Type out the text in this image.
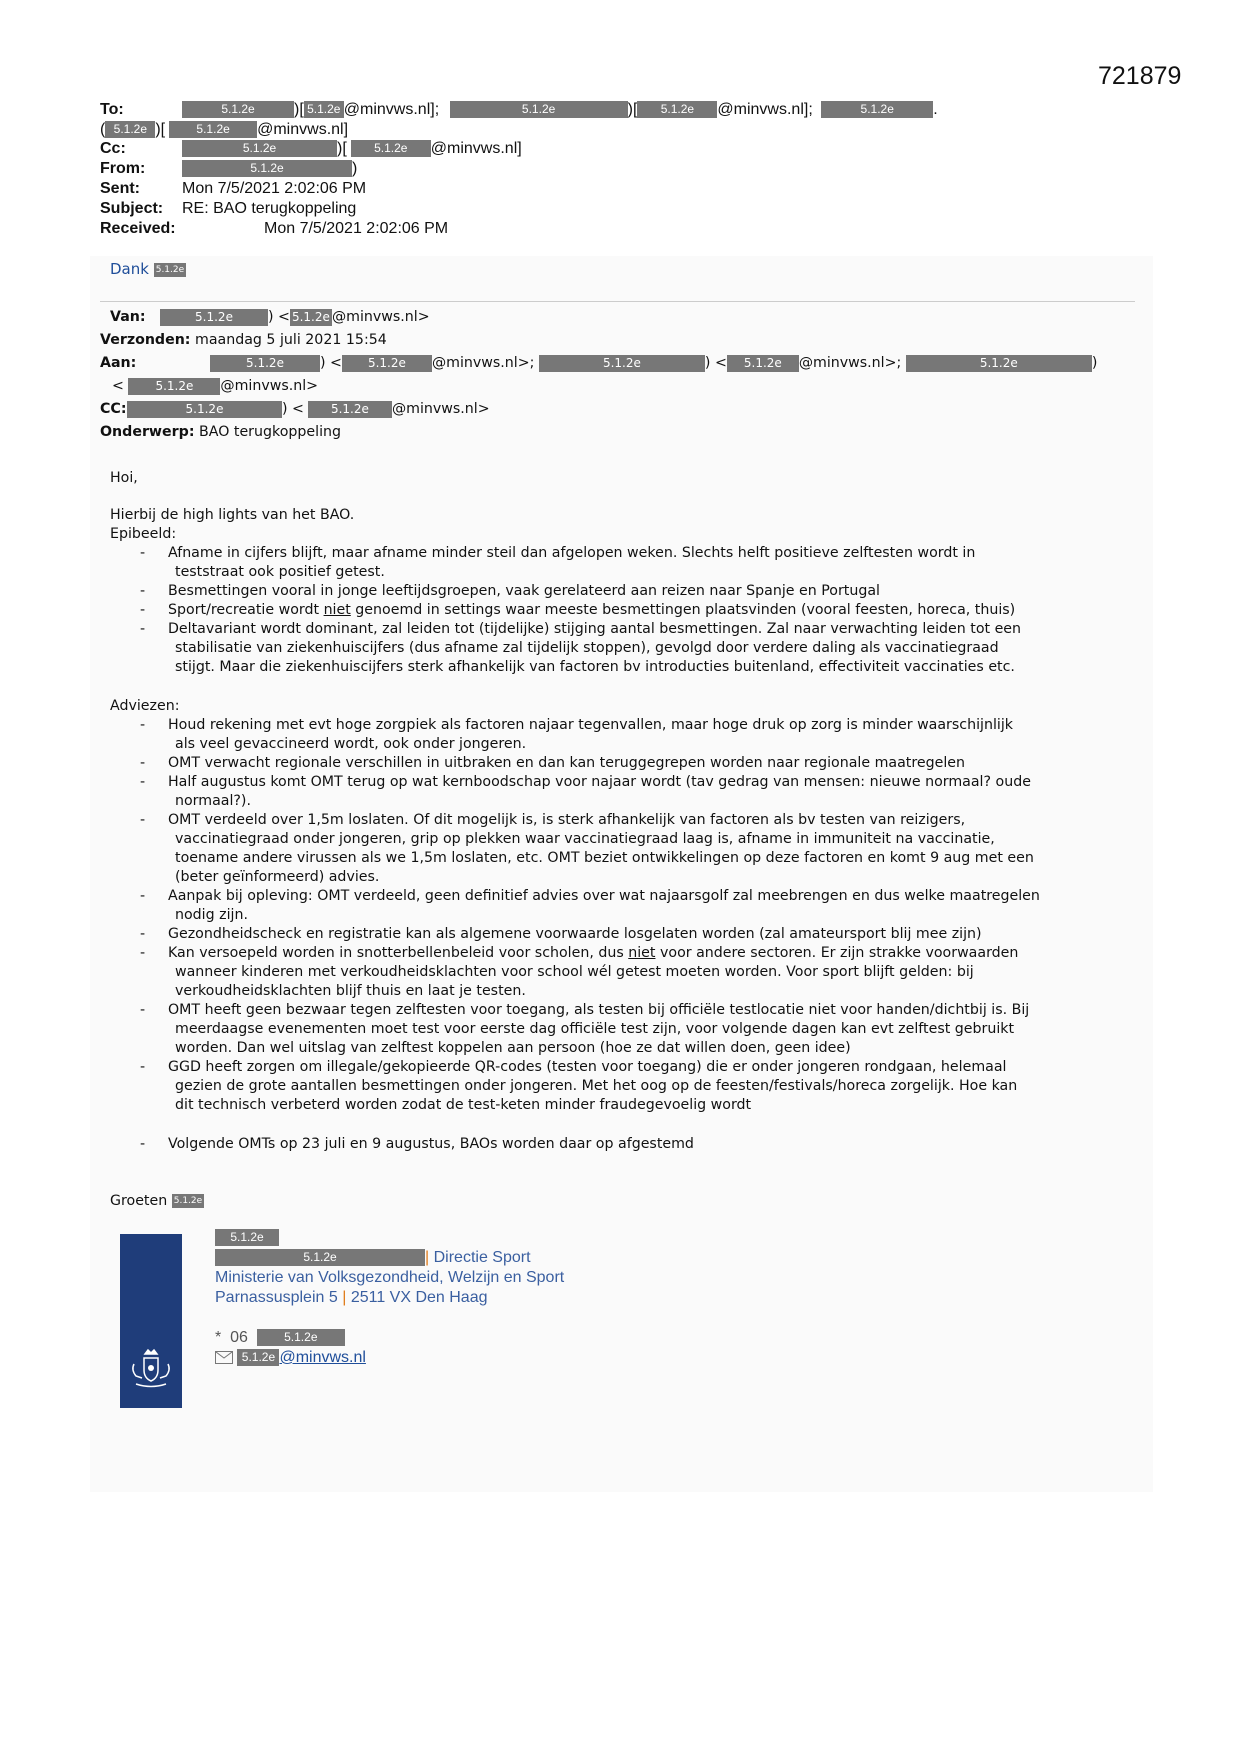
721879
To:	5.1.2e )[ 5.1.2e @minvws.nl];	5.1.2e	)[ 5.1.2e @minvws.nl];	5.1.2e .
( 5.1.2e )[	5.1.2e @minvws.nl]
Cc:	5.1.2e	)[ 5.1.2e @minvws.nl]
From:	5.1.2e	)
Sent:	Mon 7/5/2021 2:02:06 PM
Subject: RE: BAO terugkoppeling
Received:	Mon 7/5/2021 2:02:06 PM
Dank 5.1.2e
Van:	5.1.2e ) < 5.1.2e @minvws.nl>
Verzonden: maandag 5 juli 2021 15:54
Aan:	5.1.2e	) < 5.1.2e @minvws.nl>;	5.1.2e	) < 5.1.2e @minvws.nl>;	5.1.2e	)
< 5.1.2e @minvws.nl>
CC:	5.1.2e	) < 5.1.2e @minvws.nl>
Onderwerp: BAO terugkoppeling
Hoi,
Hierbij de high lights van het BAO.
Epibeeld:
- Afname in cijfers blijft, maar afname minder steil dan afgelopen weken. Slechts helft positieve zelftesten wordt in
teststraat ook positief getest.
- Besmettingen vooral in jonge leeftijdsgroepen, vaak gerelateerd aan reizen naar Spanje en Portugal
- Sport/recreatie wordt niet genoemd in settings waar meeste besmettingen plaatsvinden (vooral feesten, horeca, thuis)
- Deltavariant wordt dominant, zal leiden tot (tijdelijke) stijging aantal besmettingen. Zal naar verwachting leiden tot een
stabilisatie van ziekenhuiscijfers (dus afname zal tijdelijk stoppen), gevolgd door verdere daling als vaccinatiegraad
stijgt. Maar die ziekenhuiscijfers sterk afhankelijk van factoren bv introducties buitenland, effectiviteit vaccinaties etc.
Adviezen:
- Houd rekening met evt hoge zorgpiek als factoren najaar tegenvallen, maar hoge druk op zorg is minder waarschijnlijk
als veel gevaccineerd wordt, ook onder jongeren.
- OMT verwacht regionale verschillen in uitbraken en dan kan teruggegrepen worden naar regionale maatregelen
- Half augustus komt OMT terug op wat kernboodschap voor najaar wordt (tav gedrag van mensen: nieuwe normaal? oude
normaal?).
- OMT verdeeld over 1,5m loslaten. Of dit mogelijk is, is sterk afhankelijk van factoren als bv testen van reizigers,
vaccinatiegraad onder jongeren, grip op plekken waar vaccinatiegraad laag is, afname in immuniteit na vaccinatie,
toename andere virussen als we 1,5m loslaten, etc. OMT beziet ontwikkelingen op deze factoren en komt 9 aug met een
(beter geïnformeerd) advies.
- Aanpak bij opleving: OMT verdeeld, geen definitief advies over wat najaarsgolf zal meebrengen en dus welke maatregelen
nodig zijn.
- Gezondheidscheck en registratie kan als algemene voorwaarde losgelaten worden (zal amateursport blij mee zijn)
- Kan versoepeld worden in snotterbellenbeleid voor scholen, dus niet voor andere sectoren. Er zijn strakke voorwaarden
wanneer kinderen met verkoudheidsklachten voor school wél getest moeten worden. Voor sport blijft gelden: bij
verkoudheidsklachten blijf thuis en laat je testen.
- OMT heeft geen bezwaar tegen zelftesten voor toegang, als testen bij officiële testlocatie niet voor handen/dichtbij is. Bij
meerdaagse evenementen moet test voor eerste dag officiële test zijn, voor volgende dagen kan evt zelftest gebruikt
worden. Dan wel uitslag van zelftest koppelen aan persoon (hoe ze dat willen doen, geen idee)
- GGD heeft zorgen om illegale/gekopieerde QR-codes (testen voor toegang) die er onder jongeren rondgaan, helemaal
gezien de grote aantallen besmettingen onder jongeren. Met het oog op de feesten/festivals/horeca zorgelijk. Hoe kan
dit technisch verbeterd worden zodat de test-keten minder fraudegevoelig wordt
- Volgende OMTs op 23 juli en 9 augustus, BAOs worden daar op afgestemd
Groeten 5.1.2e
5.1.2e
5.1.2e	| Directie Sport
Ministerie van Volksgezondheid, Welzijn en Sport
Parnassusplein 5 | 2511 VX Den Haag
* 06	5.1.2e
5.1.2e @minvws.nl
